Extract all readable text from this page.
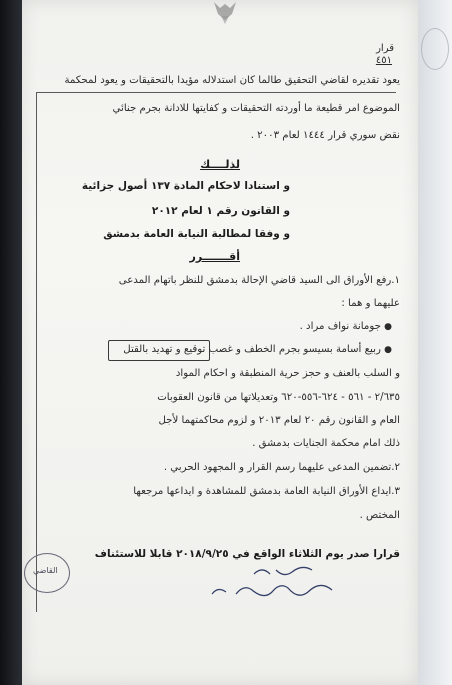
قرار
٤٥١
يعود تقديره لقاضي التحقيق طالما كان استدلاله مؤيدا بالتحقيقات و يعود لمحكمة
الموضوع امر قطيعة ما أوردته التحقيقات و كفايتها للادانة بجرم جنائي
نقض سوري قرار ١٤٤٤ لعام ٢٠٠٣ .
لذلــــك
و استنادا لاحكام المادة ١٣٧ أصول جزائية
و القانون رقم ١ لعام ٢٠١٢
و وفقا لمطالبة النيابة العامة بدمشق
أقـــــــرر
١.رفع الأوراق الى السيد قاضي الإحالة بدمشق للنظر باتهام المدعى
عليهما و هما :
● جومانة نواف مراد .
● ربيع أسامة بسيسو بجرم الخطف و غصب توقيع و تهديد بالقتل
و السلب بالعنف و حجز حرية المنطبقة و احكام المواد
٢/٦٣٥ - ٥٦١ - ٦٢٤-٥٥٦-٦٢٠ وتعديلاتها من قانون العقوبات
العام و القانون رقم ٢٠ لعام ٢٠١٣ و لزوم محاكمتهما لأجل
ذلك امام محكمة الجنايات بدمشق .
٢.تضمين المدعى عليهما رسم القرار و المجهود الحربي .
٣.ايداع الأوراق النيابة العامة بدمشق للمشاهدة و ايداعها مرجعها
المختص .
قرارا صدر يوم الثلاثاء الواقع في ٢٠١٨/٩/٢٥ قابلا للاستئناف
القاضي
